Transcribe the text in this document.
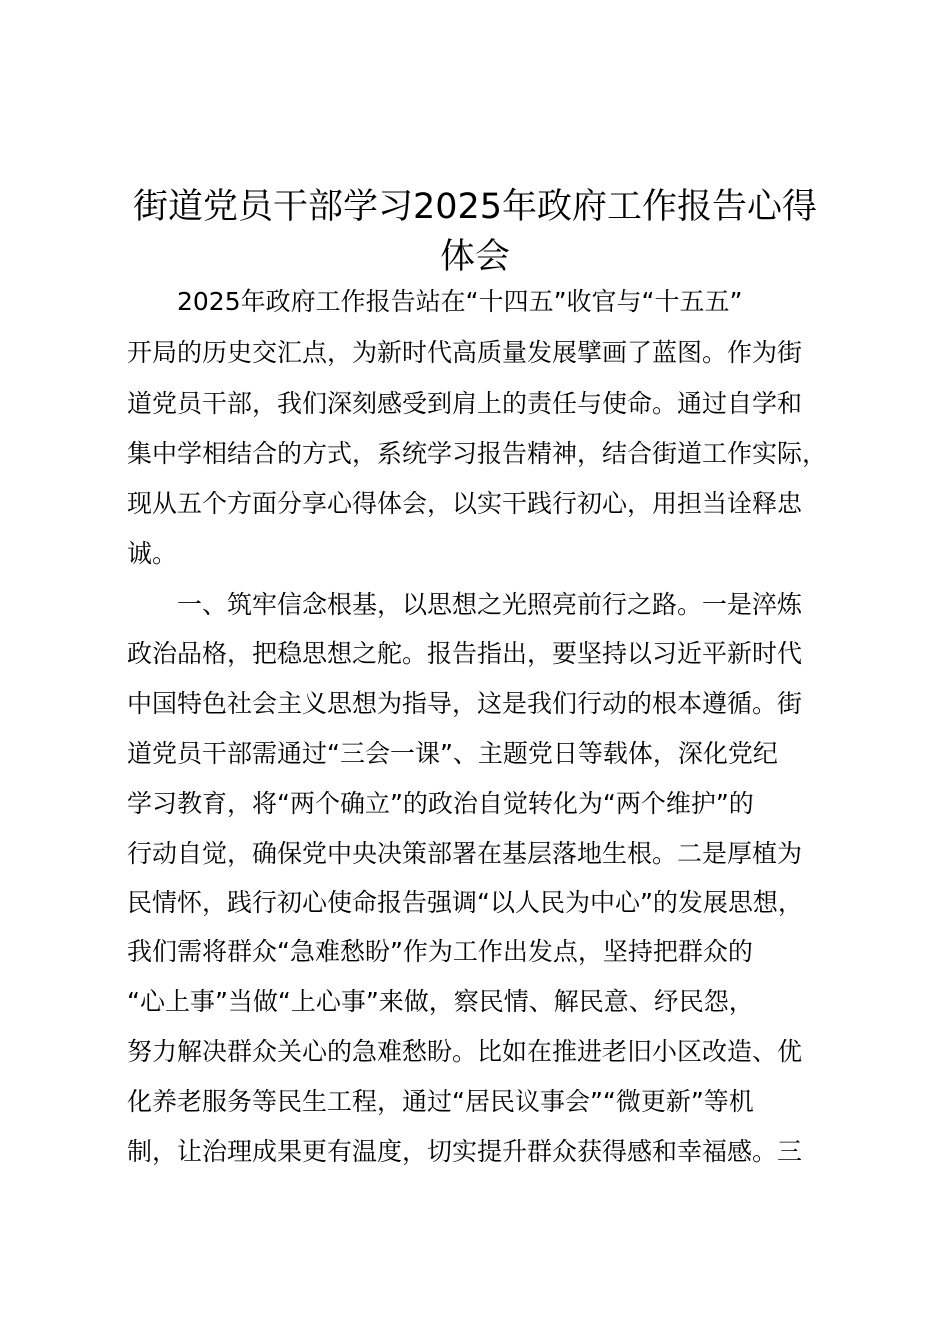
街道党员干部学习2025年政府工作报告心得
体会

2025年政府工作报告站在“十四五”收官与“十五五”

开局的历史交汇点，为新时代高质量发展擘画了蓝图。作为街

道党员干部，我们深刻感受到肩上的责任与使命。通过自学和

集中学相结合的方式，系统学习报告精神，结合街道工作实际，

现从五个方面分享心得体会，以实干践行初心，用担当诠释忠

诚。

一、筑牢信念根基，以思想之光照亮前行之路。一是淬炼

政治品格，把稳思想之舵。报告指出，要坚持以习近平新时代

中国特色社会主义思想为指导，这是我们行动的根本遵循。街

道党员干部需通过“三会一课”、主题党日等载体，深化党纪

学习教育，将“两个确立”的政治自觉转化为“两个维护”的

行动自觉，确保党中央决策部署在基层落地生根。二是厚植为

民情怀，践行初心使命报告强调“以人民为中心”的发展思想，

我们需将群众“急难愁盼”作为工作出发点，坚持把群众的

“心上事”当做“上心事”来做，察民情、解民意、纾民怨，

努力解决群众关心的急难愁盼。比如在推进老旧小区改造、优

化养老服务等民生工程，通过“居民议事会”“微更新”等机

制，让治理成果更有温度，切实提升群众获得感和幸福感。三
